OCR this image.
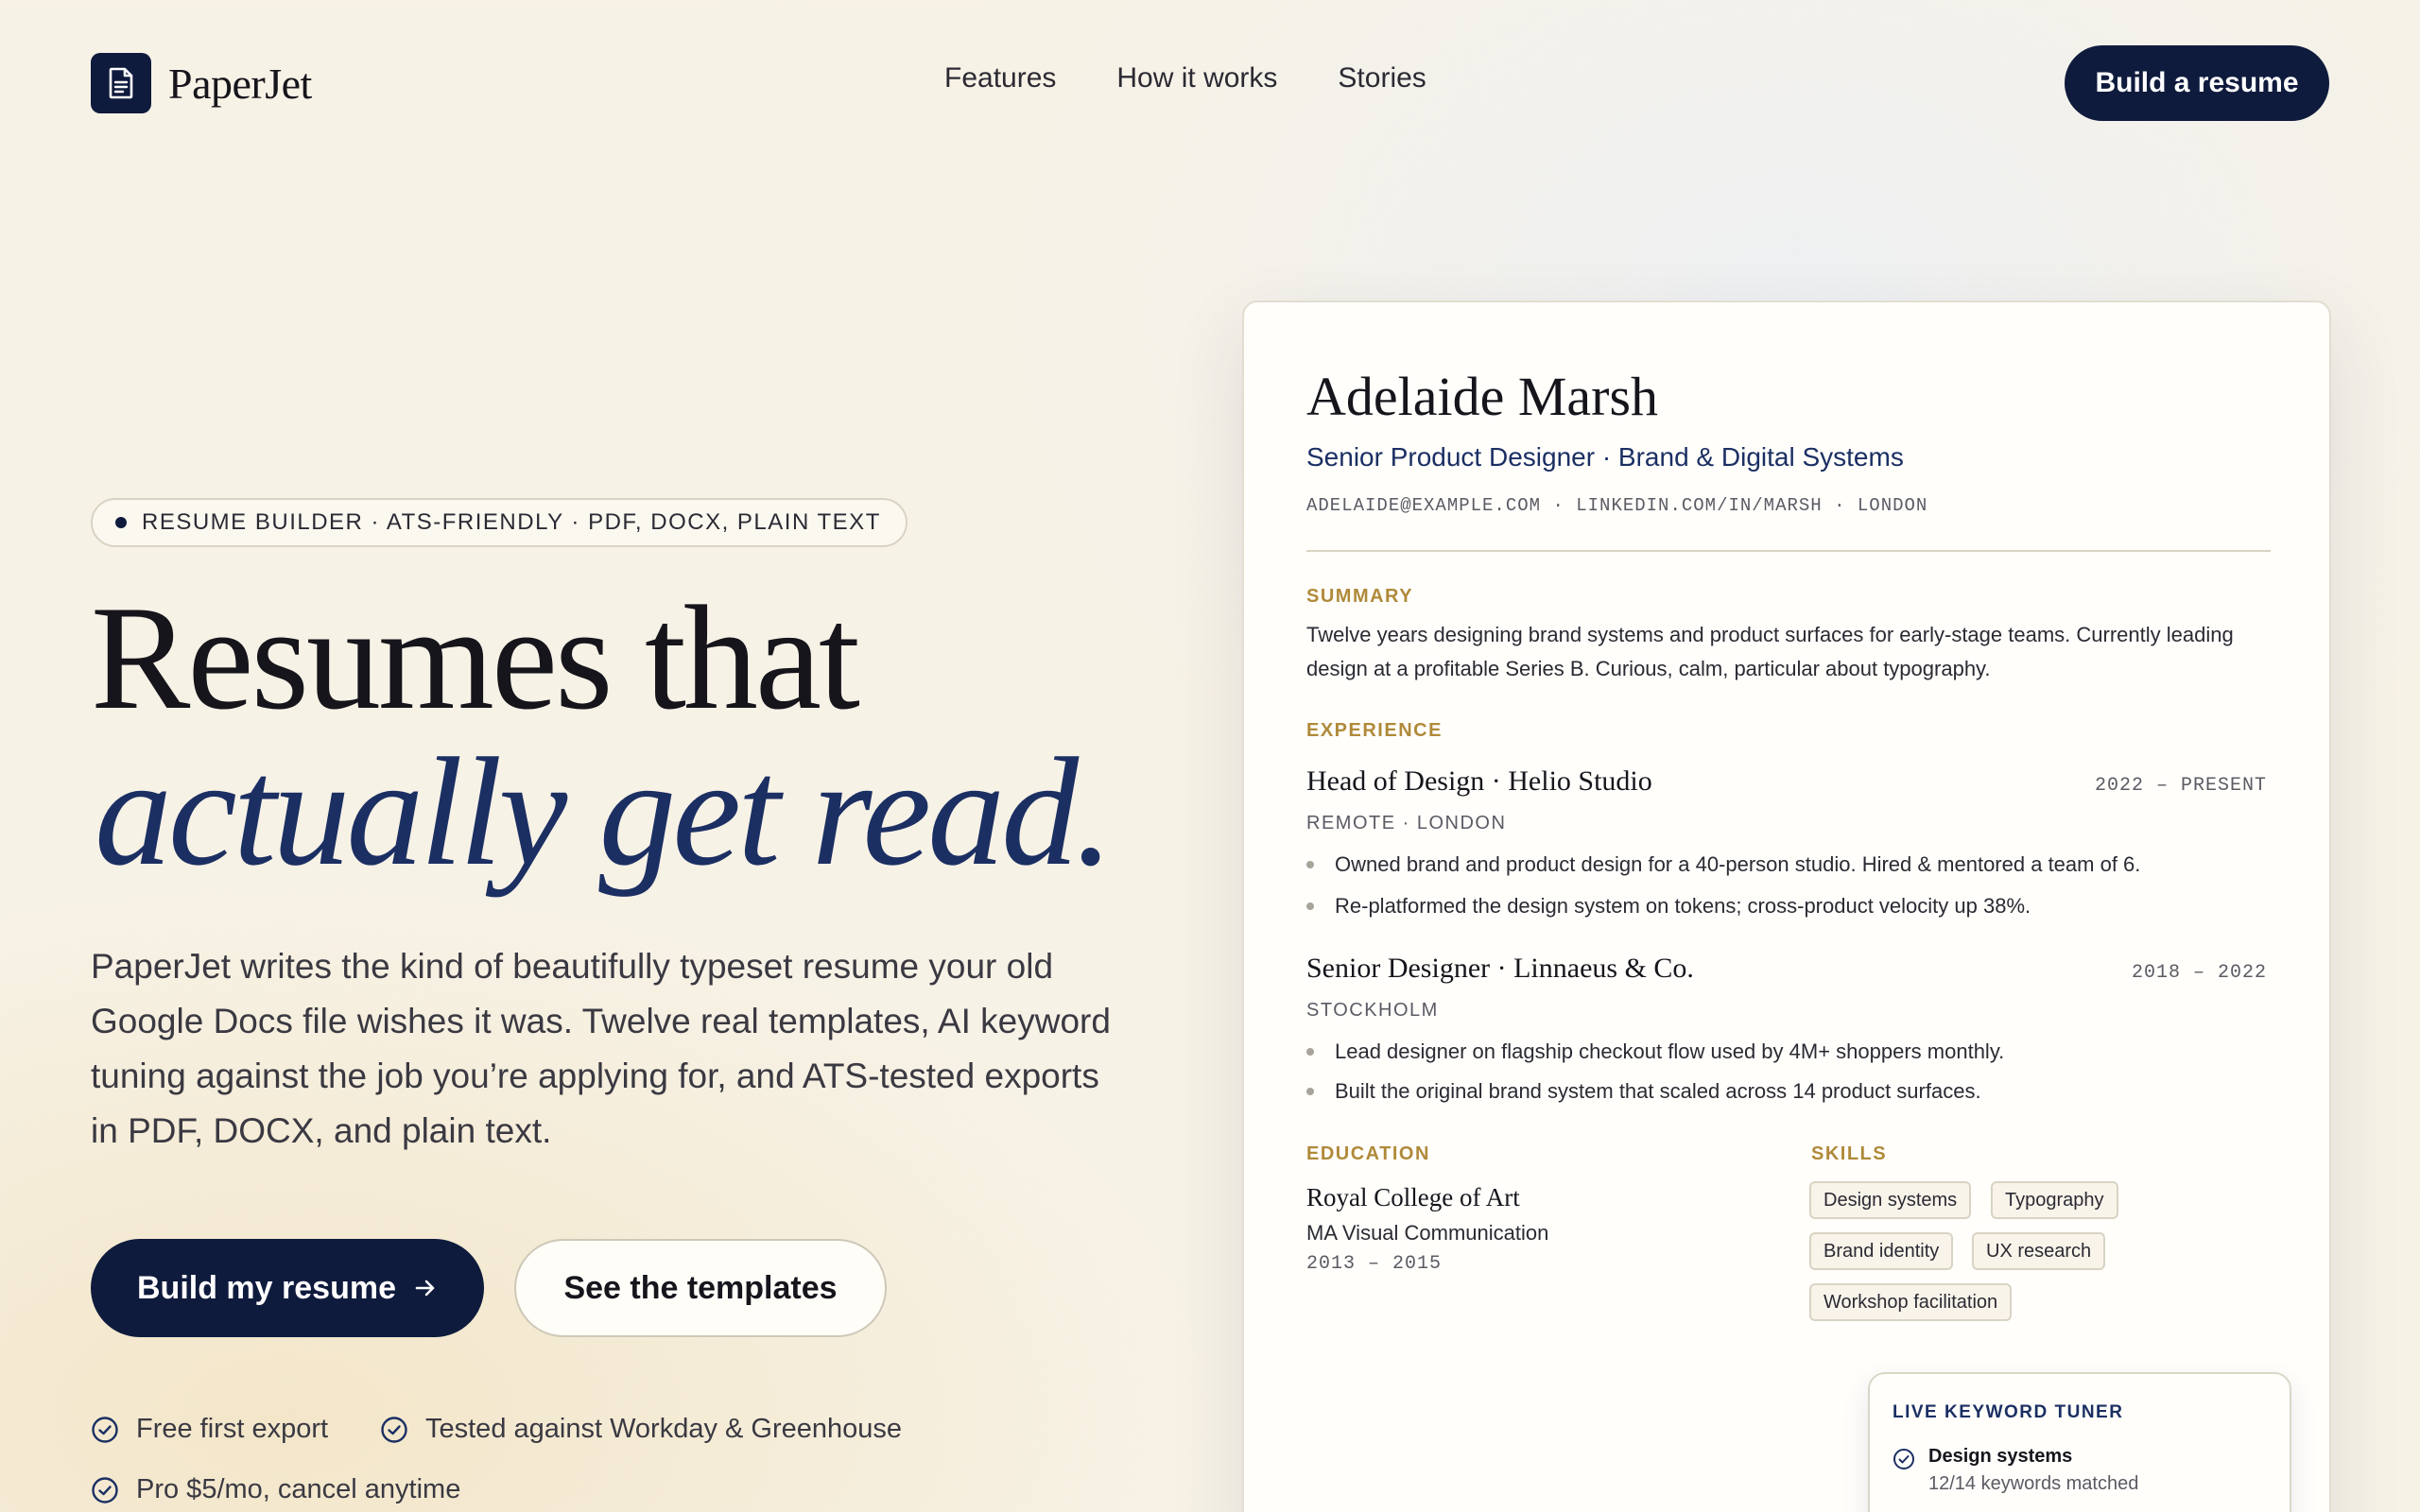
PaperJet	Features How it works Stories	Build a resume
RESUME BUILDER · ATS-FRIENDLY · PDF, DOCX, PLAIN TEXT
Resumes that
actually get read.

PaperJet writes the kind of beautifully typeset resume your old Google Docs file wishes it was. Twelve real templates, AI keyword tuning against the job you’re applying for, and ATS-tested exports in PDF, DOCX, and plain text.

Build my resume	See the templates
Free first export	Tested against Workday & Greenhouse
Pro $5/mo, cancel anytime
Adelaide Marsh
Senior Product Designer · Brand & Digital Systems
ADELAIDE@EXAMPLE.COM · LINKEDIN.COM/IN/MARSH · LONDON
SUMMARY

Twelve years designing brand systems and product surfaces for early-stage teams. Currently leading design at a profitable Series B. Curious, calm, particular about typography.

EXPERIENCE
Head of Design · Helio Studio	2022 – PRESENT
REMOTE · LONDON
Owned brand and product design for a 40-person studio. Hired & mentored a team of 6.
Re-platformed the design system on tokens; cross-product velocity up 38%.
Senior Designer · Linnaeus & Co.	2018 – 2022
STOCKHOLM
Lead designer on flagship checkout flow used by 4M+ shoppers monthly.
Built the original brand system that scaled across 14 product surfaces.
EDUCATION
Royal College of Art
MA Visual Communication
2013 – 2015
SKILLS
Design systems	Typography
Brand identity	UX research
Workshop facilitation
LIVE KEYWORD TUNER
Design systems
12/14 keywords matched
